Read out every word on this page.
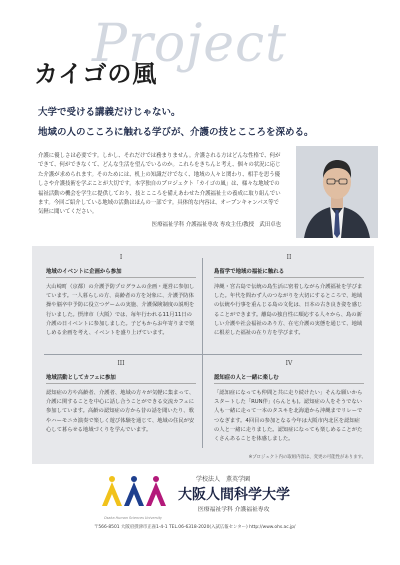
Project
カイゴの風
大学で受ける講義だけじゃない。
地域の人のこころに触れる学びが、介護の技とこころを深める。
介護に優しさは必要です。しかし、それだけでは務まりません。介護される方はどんな性格で、何ができて、何ができなくて、どんな生活を望んでいるのか。これらをきちんと考え、個々の状況に応じた介護が求められます。そのためには、机上の知識だけでなく、地域の人々と関わり、相手を思う優しさや介護技術を学ぶことが大切です。本学独自のプロジェクト「カイゴの風」は、様々な地域での福祉活動の機会を学生に提供しており、技とこころを備えあわせた介護福祉士の養成に取り組んでいます。今回ご紹介している地域の活動はほんの一部です。具体的な内容は、オープンキャンパス等で気軽に聞いてください。
医療福祉学科 介護福祉専攻 専攻主任/教授　武田卓也
I
地域のイベントに企画から参加
大山崎町（京都）の介護予防プログラムの企画・運営に参加しています。一人暮らしの方、高齢者の方を対象に、介護予防体操や脳卒中予防に役立つゲームの実施、介護保険制度の説明を行いました。摂津市（大阪）では、毎年行われる11月11日の介護の日イベントに参加しました。子どもからお年寄りまで楽しめる企画を考え、イベントを盛り上げています。
II
島留学で地域の福祉に触れる
沖縄・宮古島で伝統の島生活に密着しながら介護福祉を学びました。年代を問わず人のつながりを大切にするところで、地域の伝統や行事を重んじる島の文化は、日本の古き良き姿を感じることができます。離島の独自性に順応する人々から、島の新しい介護や社会福祉のあり方、在宅介護の実態を通じて、地域に根差した福祉の在り方を学びます。
III
地域活動としてカフェに参加
認知症の方や高齢者、介護者、地域の方々が気軽に集まって、介護に関することを中心に話し合うことができる交流カフェに参加しています。高齢の認知症の方から昔の話を聞いたり、歌やハーモニカ演奏で楽しく遊び体験を通じて、地域の住民が安心して暮らせる地域づくりを学んでいます。
IV
認知症の人と一緒に楽しむ
「認知症になっても仲間と共に走り続けたい」そんな願いからスタートした「RUN伴」(らんとも)。認知症の人をそうでない人も一緒に走って一本のタスキを北海道から沖縄までリレーでつなぎます。4回目の参加となる今年は大阪市内北区を認知症の人と一緒に走りました。認知症になっても楽しめることがたくさんあることを体感しました。
※プロジェクト内の取組内容は、変更の可能性があります。
Osaka Human Sciences University
学校法人　薫英学園
大阪人間科学大学
医療福祉学科 介護福祉専攻
〒566-8501 大阪府摂津市正雀1-4-1 TEL.06-6318-2020(入試広報センター) http://www.ohs.ac.jp/
